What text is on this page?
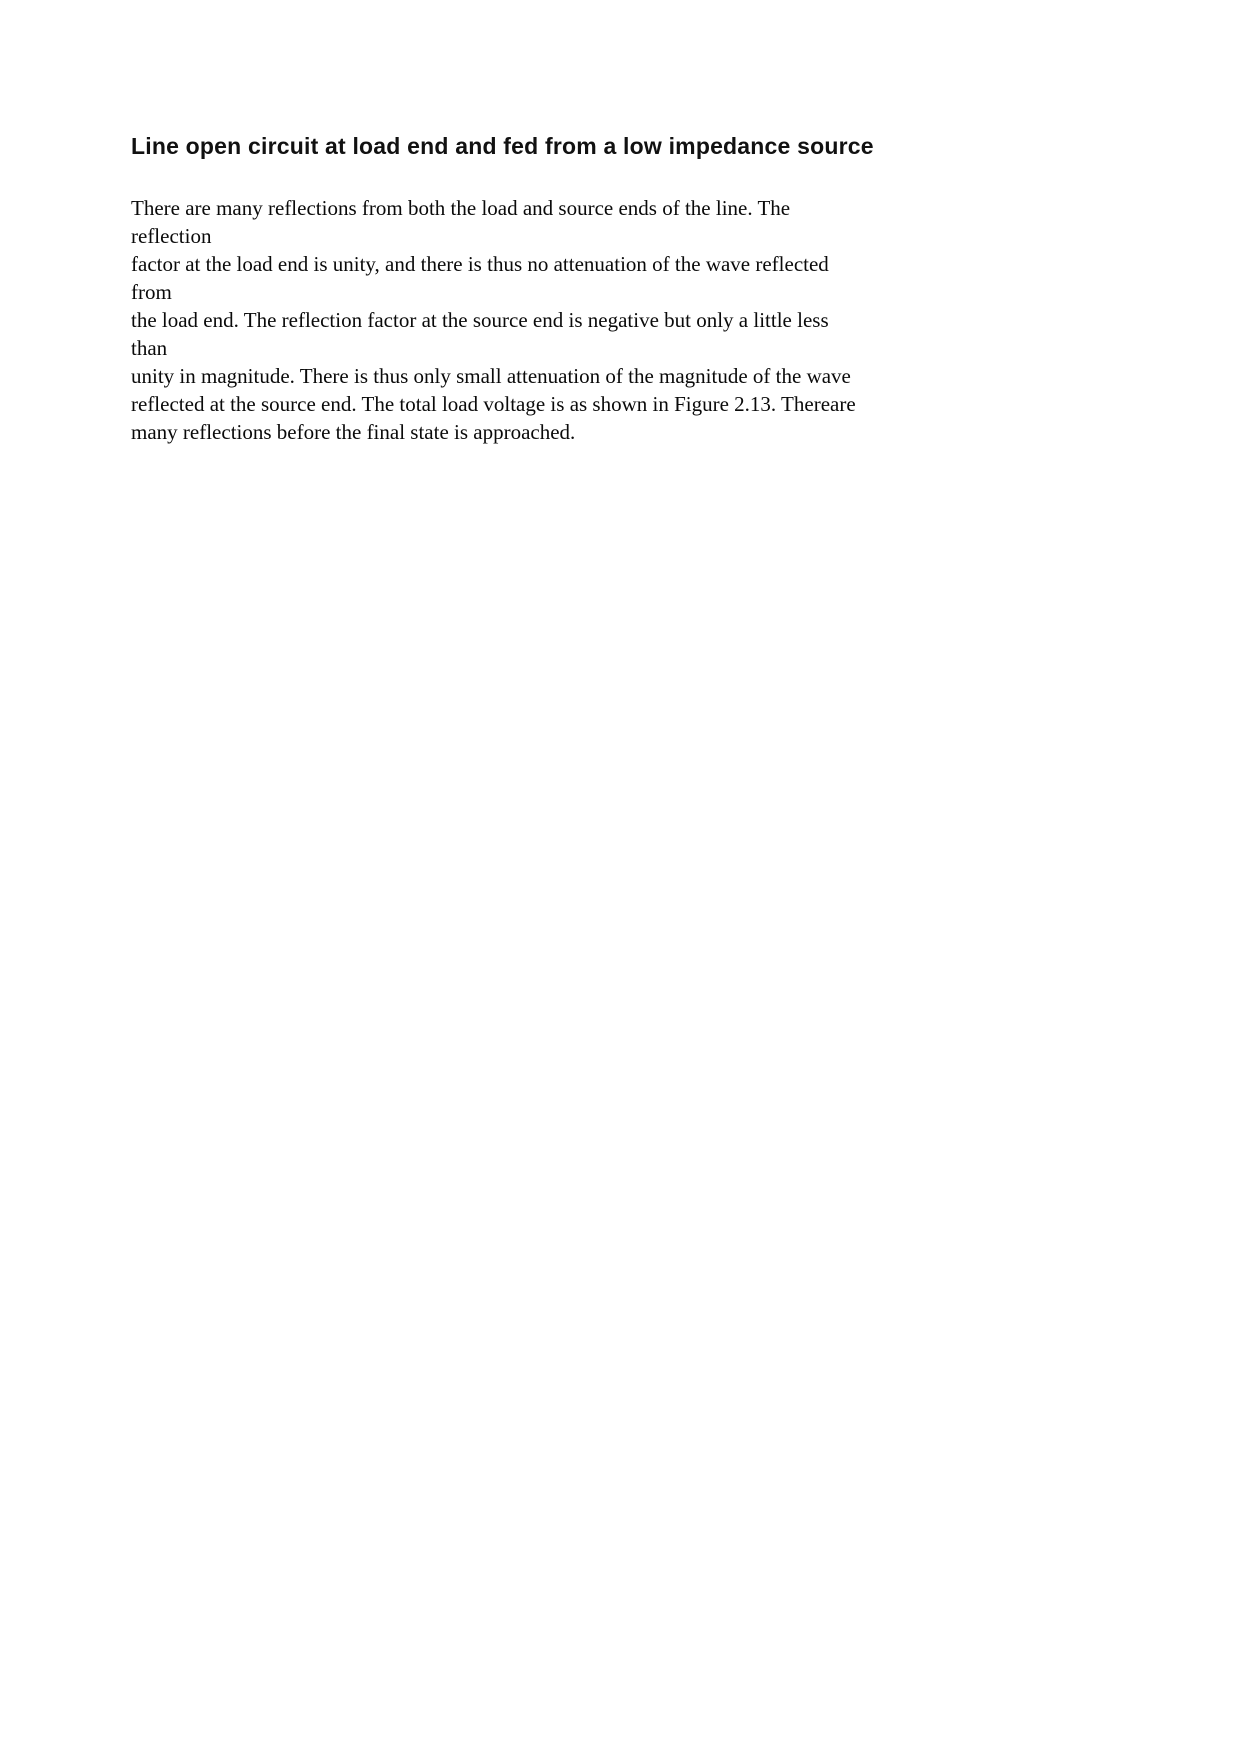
Line open circuit at load end and fed from a low impedance source
There are many reflections from both the load and source ends of the line. The
reflection
factor at the load end is unity, and there is thus no attenuation of the wave reflected
from
the load end. The reflection factor at the source end is negative but only a little less
than
unity in magnitude. There is thus only small attenuation of the magnitude of the wave
reflected at the source end. The total load voltage is as shown in Figure 2.13. Thereare
many reflections before the final state is approached.
